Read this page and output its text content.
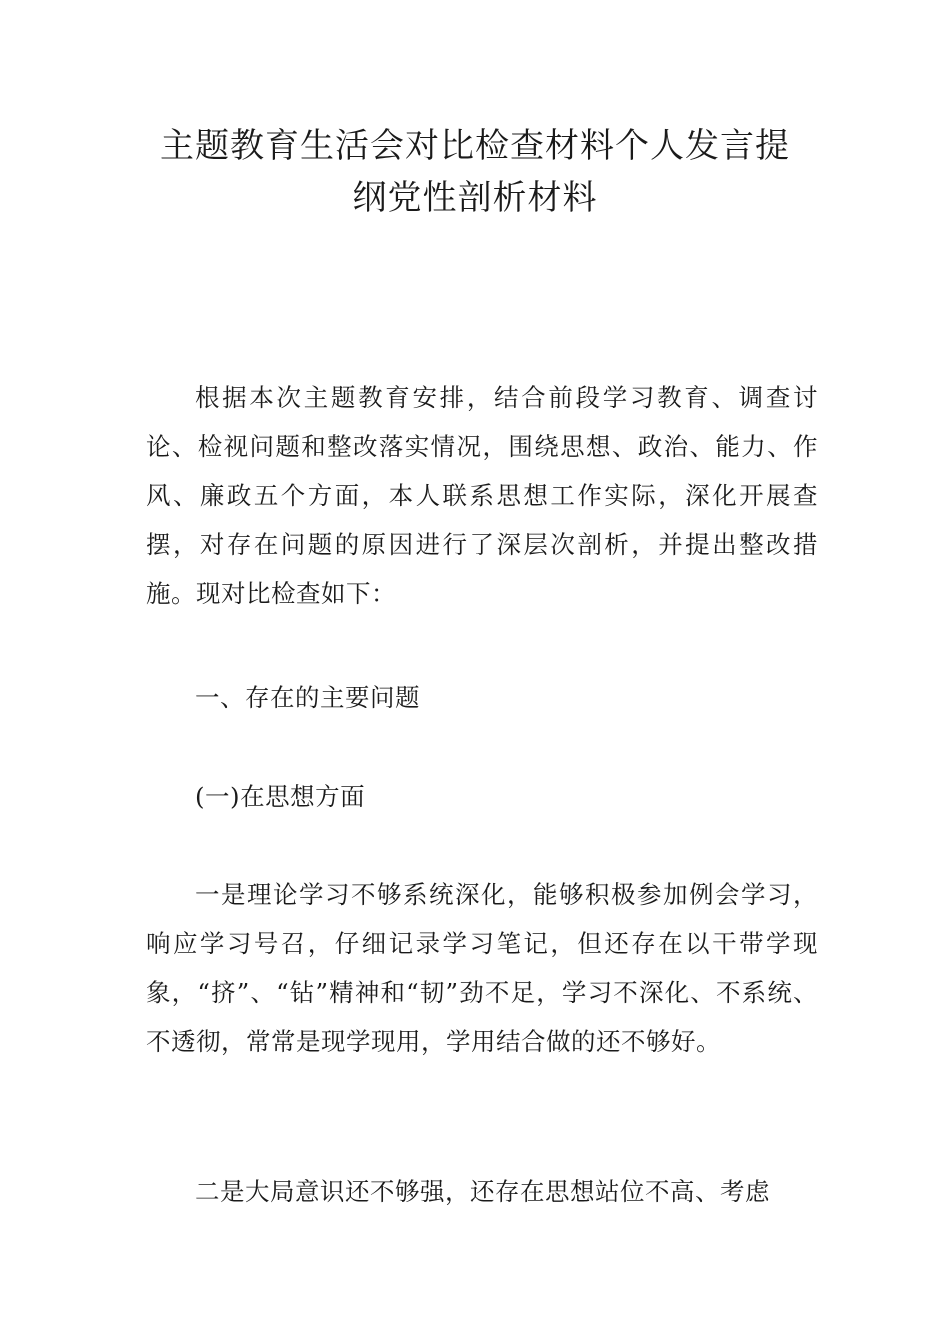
主题教育生活会对比检查材料个人发言提
纲党性剖析材料

根据本次主题教育安排，结合前段学习教育、调查讨论、检视问题和整改落实情况，围绕思想、政治、能力、作风、廉政五个方面，本人联系思想工作实际，深化开展查摆，对存在问题的原因进行了深层次剖析，并提出整改措施。现对比检查如下：

一、存在的主要问题

(一)在思想方面

一是理论学习不够系统深化，能够积极参加例会学习，响应学习号召，仔细记录学习笔记，但还存在以干带学现象，“挤”、“钻”精神和“韧”劲不足，学习不深化、不系统、不透彻，常常是现学现用，学用结合做的还不够好。

二是大局意识还不够强，还存在思想站位不高、考虑
